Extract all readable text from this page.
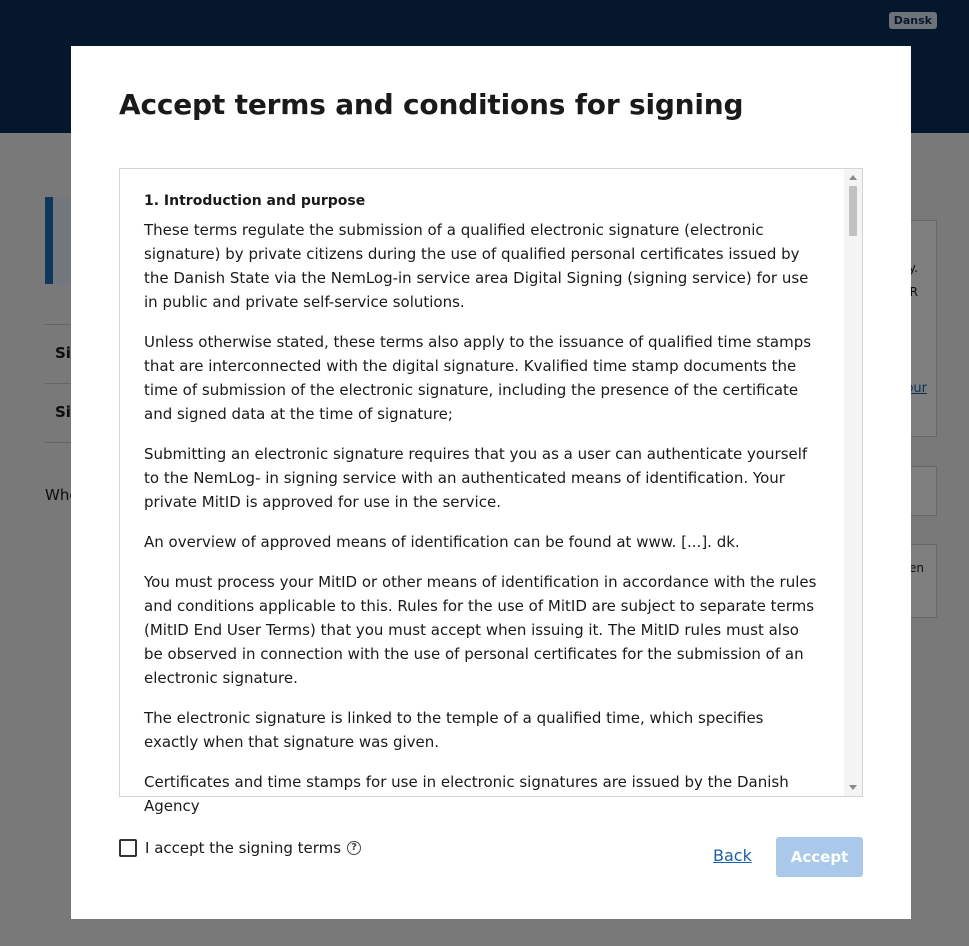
Accept terms and conditions for signing
1. Introduction and purpose

These terms regulate the submission of a qualified electronic signature (electronic signature) by private citizens during the use of qualified personal certificates issued by the Danish State via the NemLog-in service area Digital Signing (signing service) for use in public and private self-service solutions.

Unless otherwise stated, these terms also apply to the issuance of qualified time stamps that are interconnected with the digital signature. Kvalified time stamp documents the time of submission of the electronic signature, including the presence of the certificate and signed data at the time of signature;

Submitting an electronic signature requires that you as a user can authenticate yourself to the NemLog- in signing service with an authenticated means of identification. Your private MitID is approved for use in the service.

An overview of approved means of identification can be found at www. [...]. dk.

You must process your MitID or other means of identification in accordance with the rules and conditions applicable to this. Rules for the use of MitID are subject to separate terms (MitID End User Terms) that you must accept when issuing it. The MitID rules must also be observed in connection with the use of personal certificates for the submission of an electronic signature.

The electronic signature is linked to the temple of a qualified time, which specifies exactly when that signature was given.

Certificates and time stamps for use in electronic signatures are issued by the Danish Agency

I accept the signing terms	?	Back	Accept
